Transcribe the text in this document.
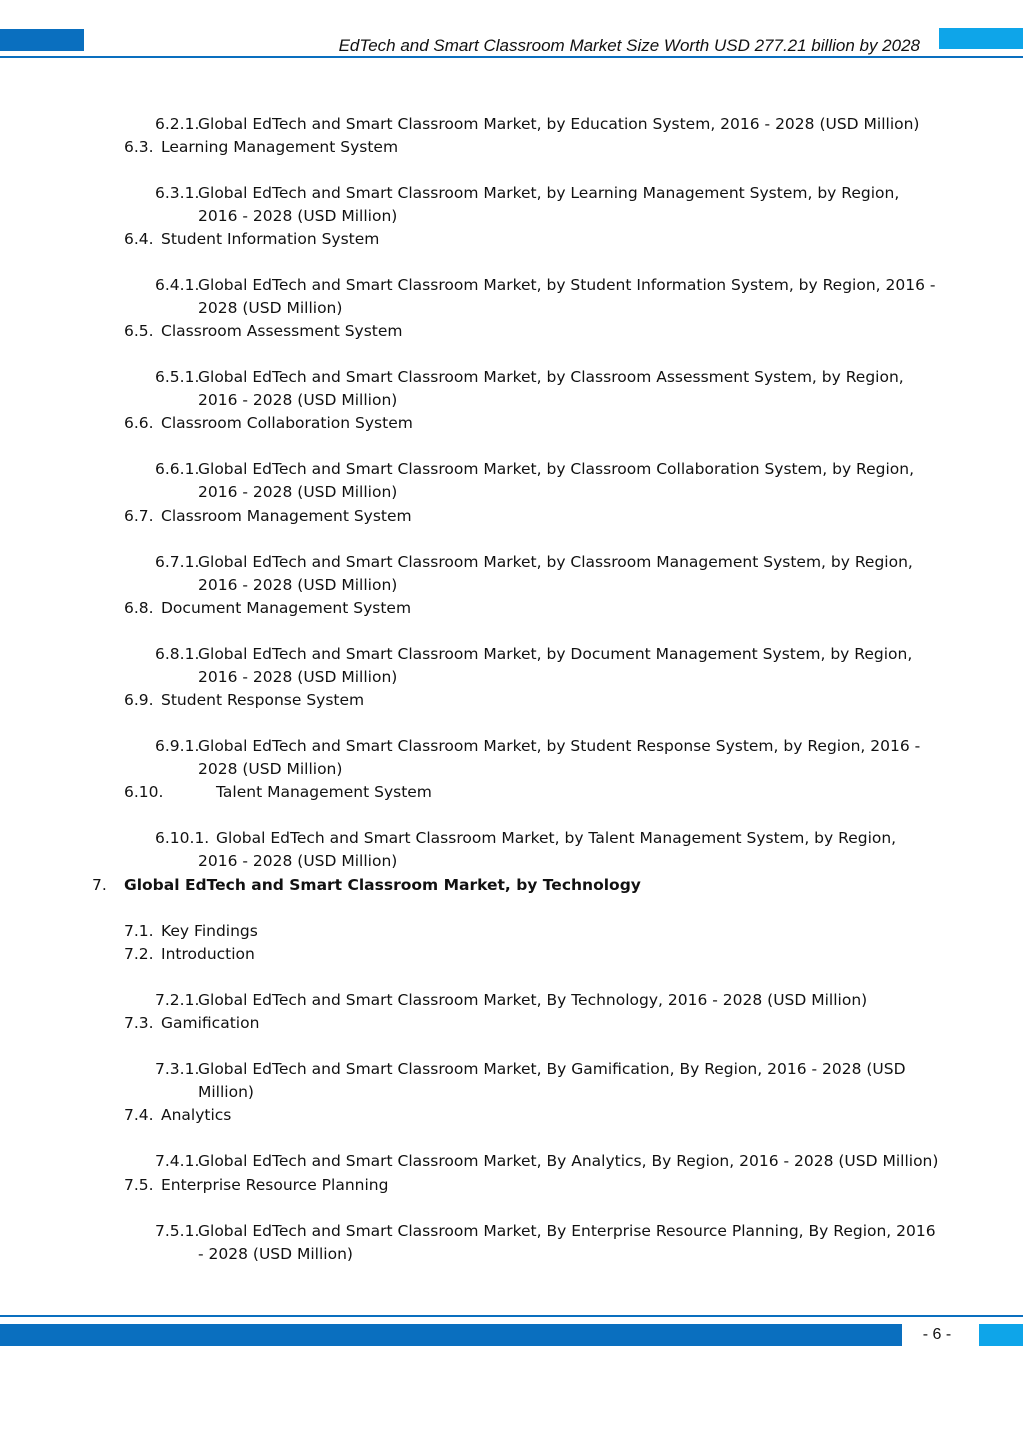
EdTech and Smart Classroom Market Size Worth USD 277.21 billion by 2028
6.2.1.Global EdTech and Smart Classroom Market, by Education System, 2016 - 2028 (USD Million)
6.3. Learning Management System
6.3.1.Global EdTech and Smart Classroom Market, by Learning Management System, by Region,
2016 - 2028 (USD Million)
6.4. Student Information System
6.4.1.Global EdTech and Smart Classroom Market, by Student Information System, by Region, 2016 -
2028 (USD Million)
6.5. Classroom Assessment System
6.5.1.Global EdTech and Smart Classroom Market, by Classroom Assessment System, by Region,
2016 - 2028 (USD Million)
6.6. Classroom Collaboration System
6.6.1.Global EdTech and Smart Classroom Market, by Classroom Collaboration System, by Region,
2016 - 2028 (USD Million)
6.7. Classroom Management System
6.7.1.Global EdTech and Smart Classroom Market, by Classroom Management System, by Region,
2016 - 2028 (USD Million)
6.8. Document Management System
6.8.1.Global EdTech and Smart Classroom Market, by Document Management System, by Region,
2016 - 2028 (USD Million)
6.9. Student Response System
6.9.1.Global EdTech and Smart Classroom Market, by Student Response System, by Region, 2016 -
2028 (USD Million)
6.10.	Talent Management System
6.10.1. Global EdTech and Smart Classroom Market, by Talent Management System, by Region,
2016 - 2028 (USD Million)
7. Global EdTech and Smart Classroom Market, by Technology
7.1. Key Findings
7.2. Introduction
7.2.1.Global EdTech and Smart Classroom Market, By Technology, 2016 - 2028 (USD Million)
7.3. Gamification
7.3.1.Global EdTech and Smart Classroom Market, By Gamification, By Region, 2016 - 2028 (USD
Million)
7.4. Analytics
7.4.1.Global EdTech and Smart Classroom Market, By Analytics, By Region, 2016 - 2028 (USD Million)
7.5. Enterprise Resource Planning
7.5.1.Global EdTech and Smart Classroom Market, By Enterprise Resource Planning, By Region, 2016
- 2028 (USD Million)
- 6 -
